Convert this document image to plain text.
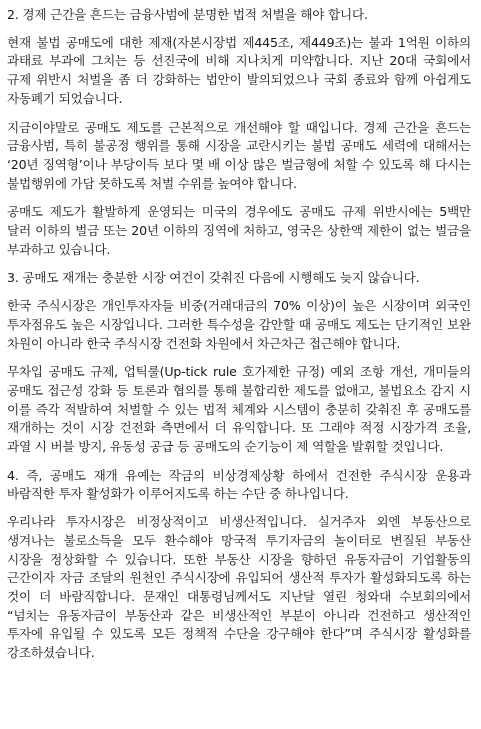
2. 경제 근간을 흔드는 금융사범에 분명한 법적 처벌을 해야 합니다.

현재 불법 공매도에 대한 제재(자본시장법 제445조, 제449조)는 불과 1억원 이하의 과태료 부과에 그치는 등 선진국에 비해 지나치게 미약합니다. 지난 20대 국회에서 규제 위반시 처벌을 좀 더 강화하는 법안이 발의되었으나 국회 종료와 함께 아쉽게도 자동폐기 되었습니다.

지금이야말로 공매도 제도를 근본적으로 개선해야 할 때입니다. 경제 근간을 흔드는 금융사범, 특히 불공정 행위를 통해 시장을 교란시키는 불법 공매도 세력에 대해서는 ‘20년 징역형’이나 부당이득 보다 몇 배 이상 많은 벌금형에 처할 수 있도록 해 다시는 불법행위에 가담 못하도록 처벌 수위를 높여야 합니다.

공매도 제도가 활발하게 운영되는 미국의 경우에도 공매도 규제 위반시에는 5백만 달러 이하의 벌금 또는 20년 이하의 징역에 처하고, 영국은 상한액 제한이 없는 벌금을 부과하고 있습니다.

3. 공매도 재개는 충분한 시장 여건이 갖춰진 다음에 시행해도 늦지 않습니다.

한국 주식시장은 개인투자자들 비중(거래대금의 70% 이상)이 높은 시장이며 외국인 투자점유도 높은 시장입니다. 그러한 특수성을 감안할 때 공매도 제도는 단기적인 보완 차원이 아니라 한국 주식시장 건전화 차원에서 차근차근 접근해야 합니다.

무차입 공매도 규제, 업틱룰(Up-tick rule 호가제한 규정) 예외 조항 개선, 개미들의 공매도 접근성 강화 등 토론과 협의를 통해 불합리한 제도를 없애고, 불법요소 감지 시 이를 즉각 적발하여 처벌할 수 있는 법적 체계와 시스템이 충분히 갖춰진 후 공매도를 재개하는 것이 시장 건전화 측면에서 더 유익합니다. 또 그래야 적정 시장가격 조율, 과열 시 버블 방지, 유동성 공급 등 공매도의 순기능이 제 역할을 발휘할 것입니다.

4. 즉, 공매도 재개 유예는 작금의 비상경제상황 하에서 건전한 주식시장 운용과 바람직한 투자 활성화가 이루어지도록 하는 수단 중 하나입니다.

우리나라 투자시장은 비정상적이고 비생산적입니다. 실거주자 외엔 부동산으로 생겨나는 불로소득을 모두 환수해야 망국적 투기자금의 놀이터로 변질된 부동산 시장을 정상화할 수 있습니다. 또한 부동산 시장을 향하던 유동자금이 기업활동의 근간이자 자금 조달의 원천인 주식시장에 유입되어 생산적 투자가 활성화되도록 하는 것이 더 바람직합니다. 문재인 대통령님께서도 지난달 열린 청와대 수보회의에서 “넘치는 유동자금이 부동산과 같은 비생산적인 부분이 아니라 건전하고 생산적인 투자에 유입될 수 있도록 모든 정책적 수단을 강구해야 한다”며 주식시장 활성화를 강조하셨습니다.
